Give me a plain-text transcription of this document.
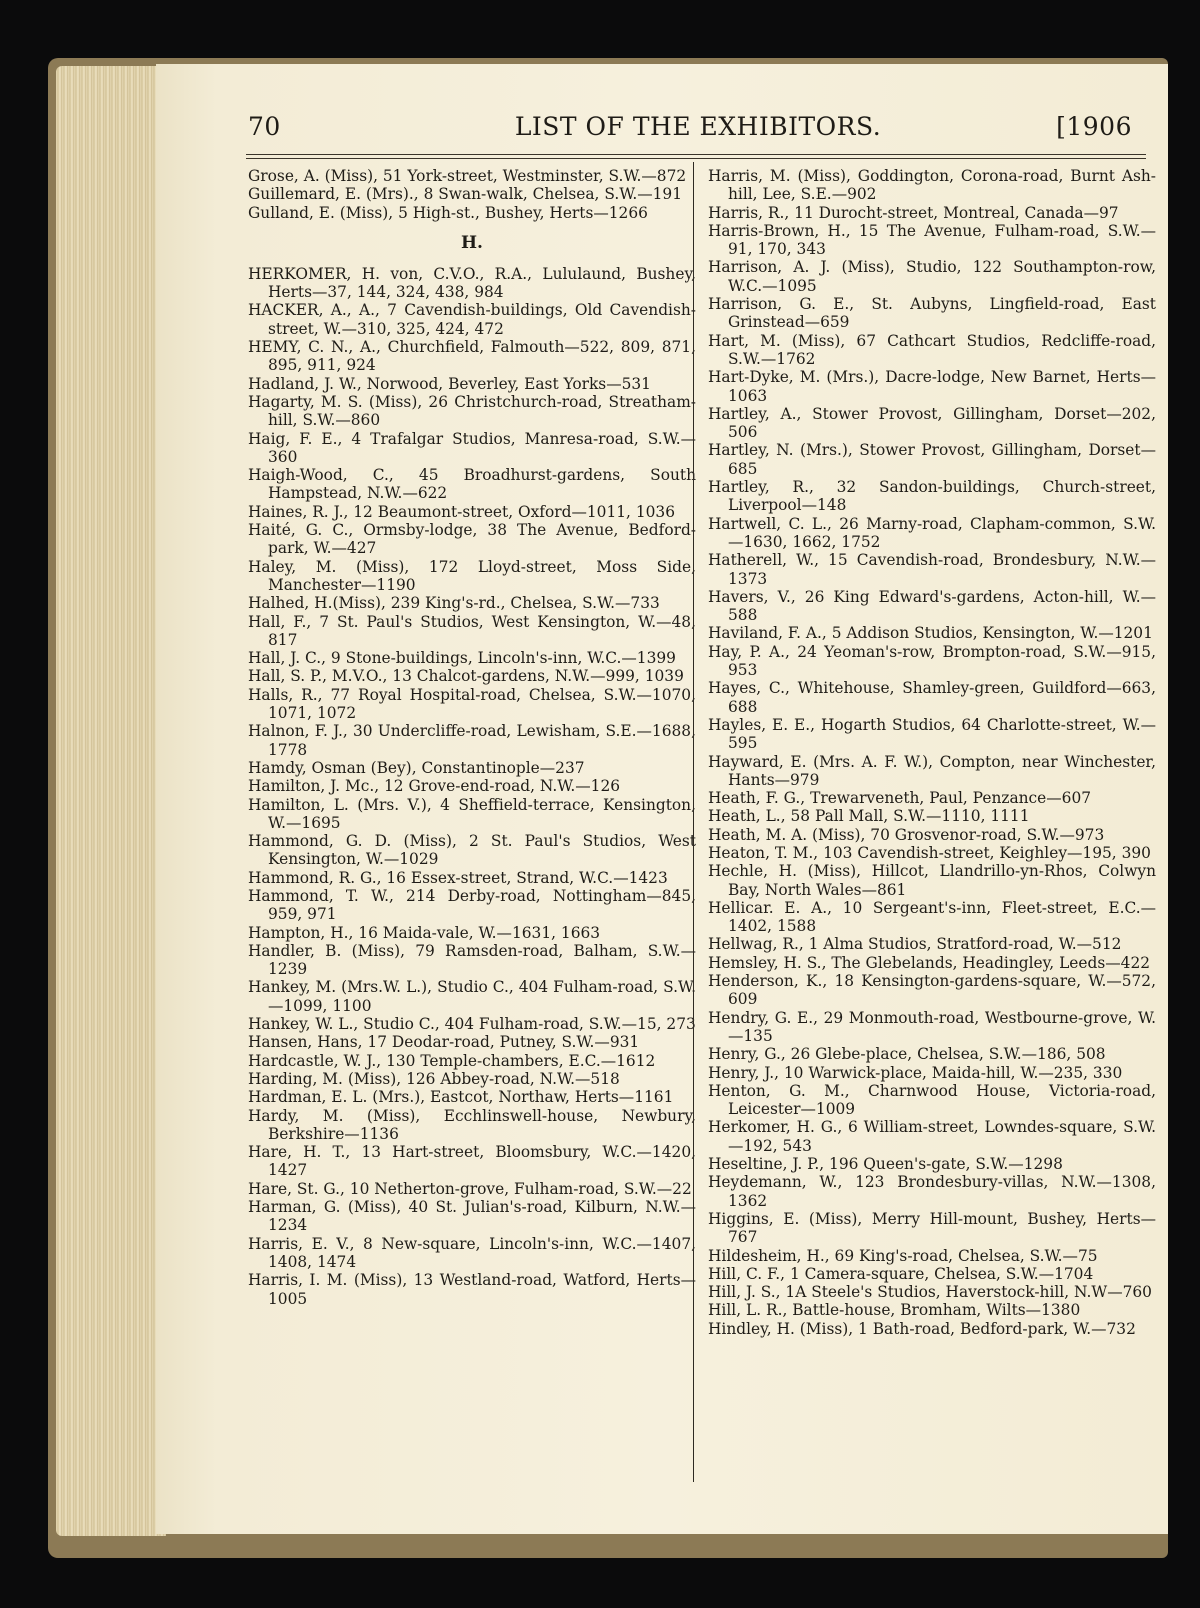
70	LIST OF THE EXHIBITORS.	[1906
Grose, A. (Miss), 51 York-street, Westminster, S.W.—872
Guillemard, E. (Mrs)., 8 Swan-walk, Chelsea, S.W.—191
Gulland, E. (Miss), 5 High-st., Bushey, Herts—1266
H.
HERKOMER, H. von, C.V.O., R.A., Lululaund, Bushey, Herts—37, 144, 324, 438, 984
HACKER, A., A., 7 Cavendish-buildings, Old Cavendish-street, W.—310, 325, 424, 472
HEMY, C. N., A., Churchfield, Falmouth—522, 809, 871, 895, 911, 924
Hadland, J. W., Norwood, Beverley, East Yorks—531
Hagarty, M. S. (Miss), 26 Christchurch-road, Streatham-hill, S.W.—860
Haig, F. E., 4 Trafalgar Studios, Manresa-road, S.W.—360
Haigh-Wood, C., 45 Broadhurst-gardens, South Hampstead, N.W.—622
Haines, R. J., 12 Beaumont-street, Oxford—1011, 1036
Haité, G. C., Ormsby-lodge, 38 The Avenue, Bedford-park, W.—427
Haley, M. (Miss), 172 Lloyd-street, Moss Side, Manchester—1190
Halhed, H.(Miss), 239 King's-rd., Chelsea, S.W.—733
Hall, F., 7 St. Paul's Studios, West Kensington, W.—48, 817
Hall, J. C., 9 Stone-buildings, Lincoln's-inn, W.C.—1399
Hall, S. P., M.V.O., 13 Chalcot-gardens, N.W.—999, 1039
Halls, R., 77 Royal Hospital-road, Chelsea, S.W.—1070, 1071, 1072
Halnon, F. J., 30 Undercliffe-road, Lewisham, S.E.—1688, 1778
Hamdy, Osman (Bey), Constantinople—237
Hamilton, J. Mc., 12 Grove-end-road, N.W.—126
Hamilton, L. (Mrs. V.), 4 Sheffield-terrace, Kensington, W.—1695
Hammond, G. D. (Miss), 2 St. Paul's Studios, West Kensington, W.—1029
Hammond, R. G., 16 Essex-street, Strand, W.C.—1423
Hammond, T. W., 214 Derby-road, Nottingham—845, 959, 971
Hampton, H., 16 Maida-vale, W.—1631, 1663
Handler, B. (Miss), 79 Ramsden-road, Balham, S.W.—1239
Hankey, M. (Mrs.W. L.), Studio C., 404 Fulham-road, S.W.—1099, 1100
Hankey, W. L., Studio C., 404 Fulham-road, S.W.—15, 273
Hansen, Hans, 17 Deodar-road, Putney, S.W.—931
Hardcastle, W. J., 130 Temple-chambers, E.C.—1612
Harding, M. (Miss), 126 Abbey-road, N.W.—518
Hardman, E. L. (Mrs.), Eastcot, Northaw, Herts—1161
Hardy, M. (Miss), Ecchlinswell-house, Newbury, Berkshire—1136
Hare, H. T., 13 Hart-street, Bloomsbury, W.C.—1420, 1427
Hare, St. G., 10 Netherton-grove, Fulham-road, S.W.—22
Harman, G. (Miss), 40 St. Julian's-road, Kilburn, N.W.—1234
Harris, E. V., 8 New-square, Lincoln's-inn, W.C.—1407, 1408, 1474
Harris, I. M. (Miss), 13 Westland-road, Watford, Herts—1005
Harris, M. (Miss), Goddington, Corona-road, Burnt Ash-hill, Lee, S.E.—902
Harris, R., 11 Durocht-street, Montreal, Canada—97
Harris-Brown, H., 15 The Avenue, Fulham-road, S.W.—91, 170, 343
Harrison, A. J. (Miss), Studio, 122 Southampton-row, W.C.—1095
Harrison, G. E., St. Aubyns, Lingfield-road, East Grinstead—659
Hart, M. (Miss), 67 Cathcart Studios, Redcliffe-road, S.W.—1762
Hart-Dyke, M. (Mrs.), Dacre-lodge, New Barnet, Herts—1063
Hartley, A., Stower Provost, Gillingham, Dorset—202, 506
Hartley, N. (Mrs.), Stower Provost, Gillingham, Dorset—685
Hartley, R., 32 Sandon-buildings, Church-street, Liverpool—148
Hartwell, C. L., 26 Marny-road, Clapham-common, S.W.—1630, 1662, 1752
Hatherell, W., 15 Cavendish-road, Brondesbury, N.W.—1373
Havers, V., 26 King Edward's-gardens, Acton-hill, W.—588
Haviland, F. A., 5 Addison Studios, Kensington, W.—1201
Hay, P. A., 24 Yeoman's-row, Brompton-road, S.W.—915, 953
Hayes, C., Whitehouse, Shamley-green, Guildford—663, 688
Hayles, E. E., Hogarth Studios, 64 Charlotte-street, W.—595
Hayward, E. (Mrs. A. F. W.), Compton, near Winchester, Hants—979
Heath, F. G., Trewarveneth, Paul, Penzance—607
Heath, L., 58 Pall Mall, S.W.—1110, 1111
Heath, M. A. (Miss), 70 Grosvenor-road, S.W.—973
Heaton, T. M., 103 Cavendish-street, Keighley—195, 390
Hechle, H. (Miss), Hillcot, Llandrillo-yn-Rhos, Colwyn Bay, North Wales—861
Hellicar. E. A., 10 Sergeant's-inn, Fleet-street, E.C.—1402, 1588
Hellwag, R., 1 Alma Studios, Stratford-road, W.—512
Hemsley, H. S., The Glebelands, Headingley, Leeds—422
Henderson, K., 18 Kensington-gardens-square, W.—572, 609
Hendry, G. E., 29 Monmouth-road, Westbourne-grove, W.—135
Henry, G., 26 Glebe-place, Chelsea, S.W.—186, 508
Henry, J., 10 Warwick-place, Maida-hill, W.—235, 330
Henton, G. M., Charnwood House, Victoria-road, Leicester—1009
Herkomer, H. G., 6 William-street, Lowndes-square, S.W.—192, 543
Heseltine, J. P., 196 Queen's-gate, S.W.—1298
Heydemann, W., 123 Brondesbury-villas, N.W.—1308, 1362
Higgins, E. (Miss), Merry Hill-mount, Bushey, Herts—767
Hildesheim, H., 69 King's-road, Chelsea, S.W.—75
Hill, C. F., 1 Camera-square, Chelsea, S.W.—1704
Hill, J. S., 1A Steele's Studios, Haverstock-hill, N.W—760
Hill, L. R., Battle-house, Bromham, Wilts—1380
Hindley, H. (Miss), 1 Bath-road, Bedford-park, W.—732
